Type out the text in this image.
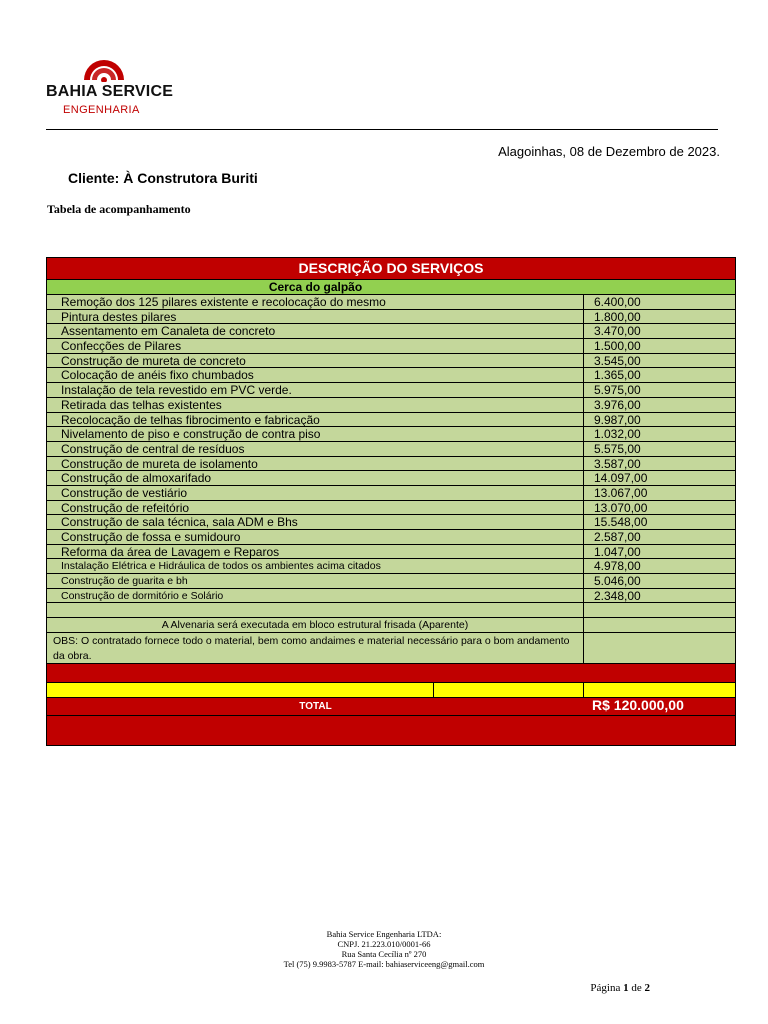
BAHIA SERVICE
ENGENHARIA
Alagoinhas, 08 de Dezembro de 2023.
Cliente: À Construtora Buriti
Tabela de acompanhamento
DESCRIÇÃO DO SERVIÇOS
Cerca do galpão
Remoção dos 125 pilares existente e recolocação do mesmo	6.400,00
Pintura destes pilares	1.800,00
Assentamento em Canaleta de concreto	3.470,00
Confecções de Pilares	1.500,00
Construção de mureta de concreto	3.545,00
Colocação de anéis fixo chumbados	1.365,00
Instalação de tela revestido em PVC verde.	5.975,00
Retirada das telhas existentes	3.976,00
Recolocação de telhas fibrocimento e fabricação	9.987,00
Nivelamento de piso e construção de contra piso	1.032,00
Construção de central de resíduos	5.575,00
Construção de mureta de isolamento	3.587,00
Construção de almoxarifado	14.097,00
Construção de vestiário	13.067,00
Construção de refeitório	13.070,00
Construção de sala técnica, sala ADM e Bhs	15.548,00
Construção de fossa e sumidouro	2.587,00
Reforma da área de Lavagem e Reparos	1.047,00
Instalação Elétrica e Hidráulica de todos os ambientes acima citados	4.978,00
Construção de guarita e bh	5.046,00
Construção de dormitório e Solário	2.348,00
A Alvenaria será executada em bloco estrutural frisada (Aparente)
OBS: O contratado fornece todo o material, bem como andaimes e material necessário para o bom andamento da obra.
TOTAL	R$ 120.000,00
Bahia Service Engenharia LTDA:
CNPJ. 21.223.010/0001-66
Rua Santa Cecília nº 270
Tel (75) 9.9983-5787 E-mail: bahiaserviceeng@gmail.com
Página 1 de 2
